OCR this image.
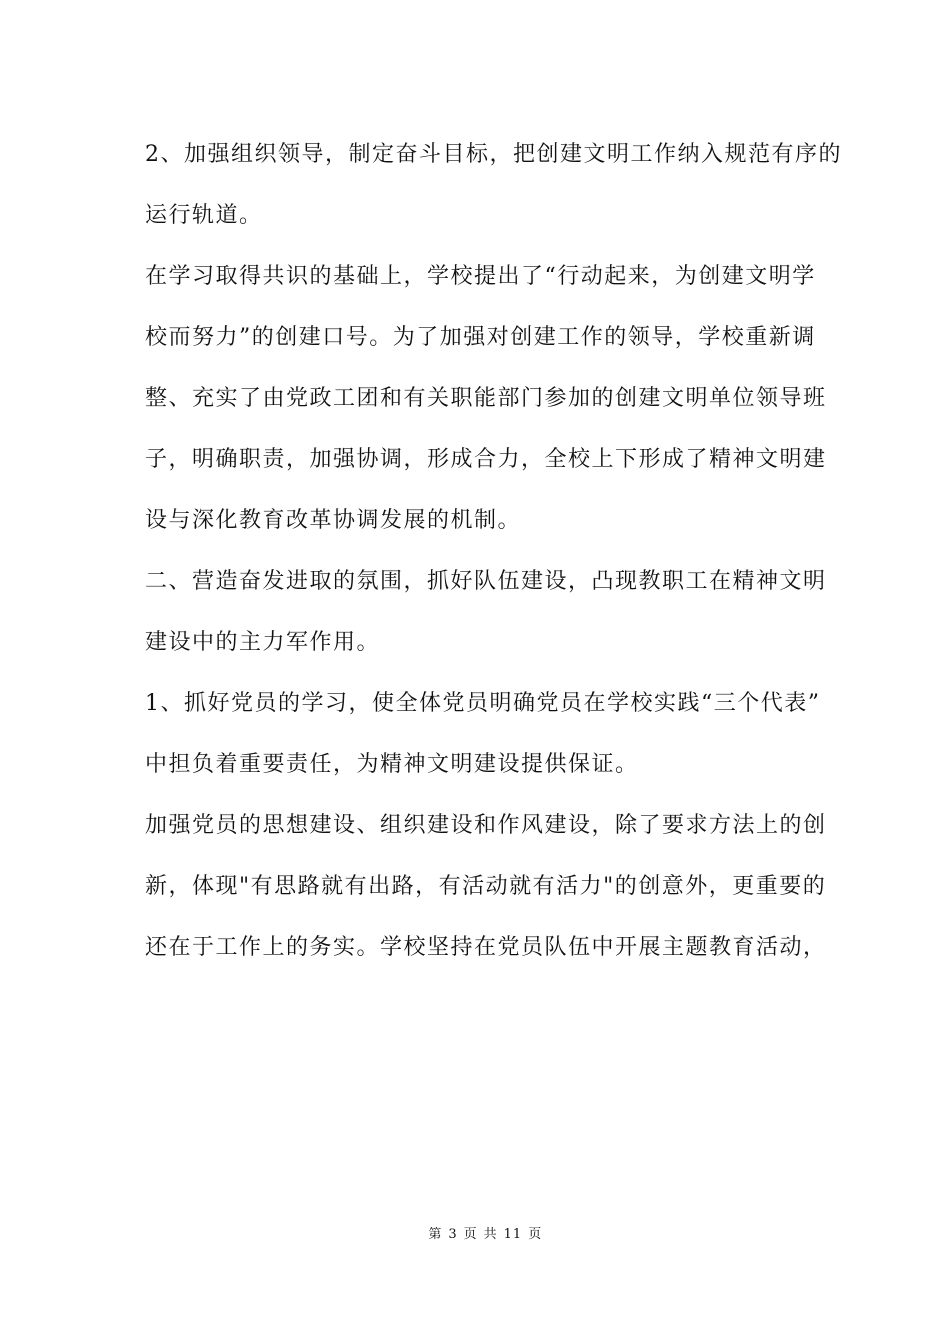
2、加强组织领导，制定奋斗目标，把创建文明工作纳入规范有序的
运行轨道。
在学习取得共识的基础上，学校提出了“行动起来，为创建文明学
校而努力”的创建口号。为了加强对创建工作的领导，学校重新调
整、充实了由党政工团和有关职能部门参加的创建文明单位领导班
子，明确职责，加强协调，形成合力，全校上下形成了精神文明建
设与深化教育改革协调发展的机制。
二、营造奋发进取的氛围，抓好队伍建设，凸现教职工在精神文明
建设中的主力军作用。
1、抓好党员的学习，使全体党员明确党员在学校实践“三个代表”
中担负着重要责任，为精神文明建设提供保证。
加强党员的思想建设、组织建设和作风建设，除了要求方法上的创
新，体现"有思路就有出路，有活动就有活力"的创意外，更重要的
还在于工作上的务实。学校坚持在党员队伍中开展主题教育活动，

第 3 页 共 11 页
